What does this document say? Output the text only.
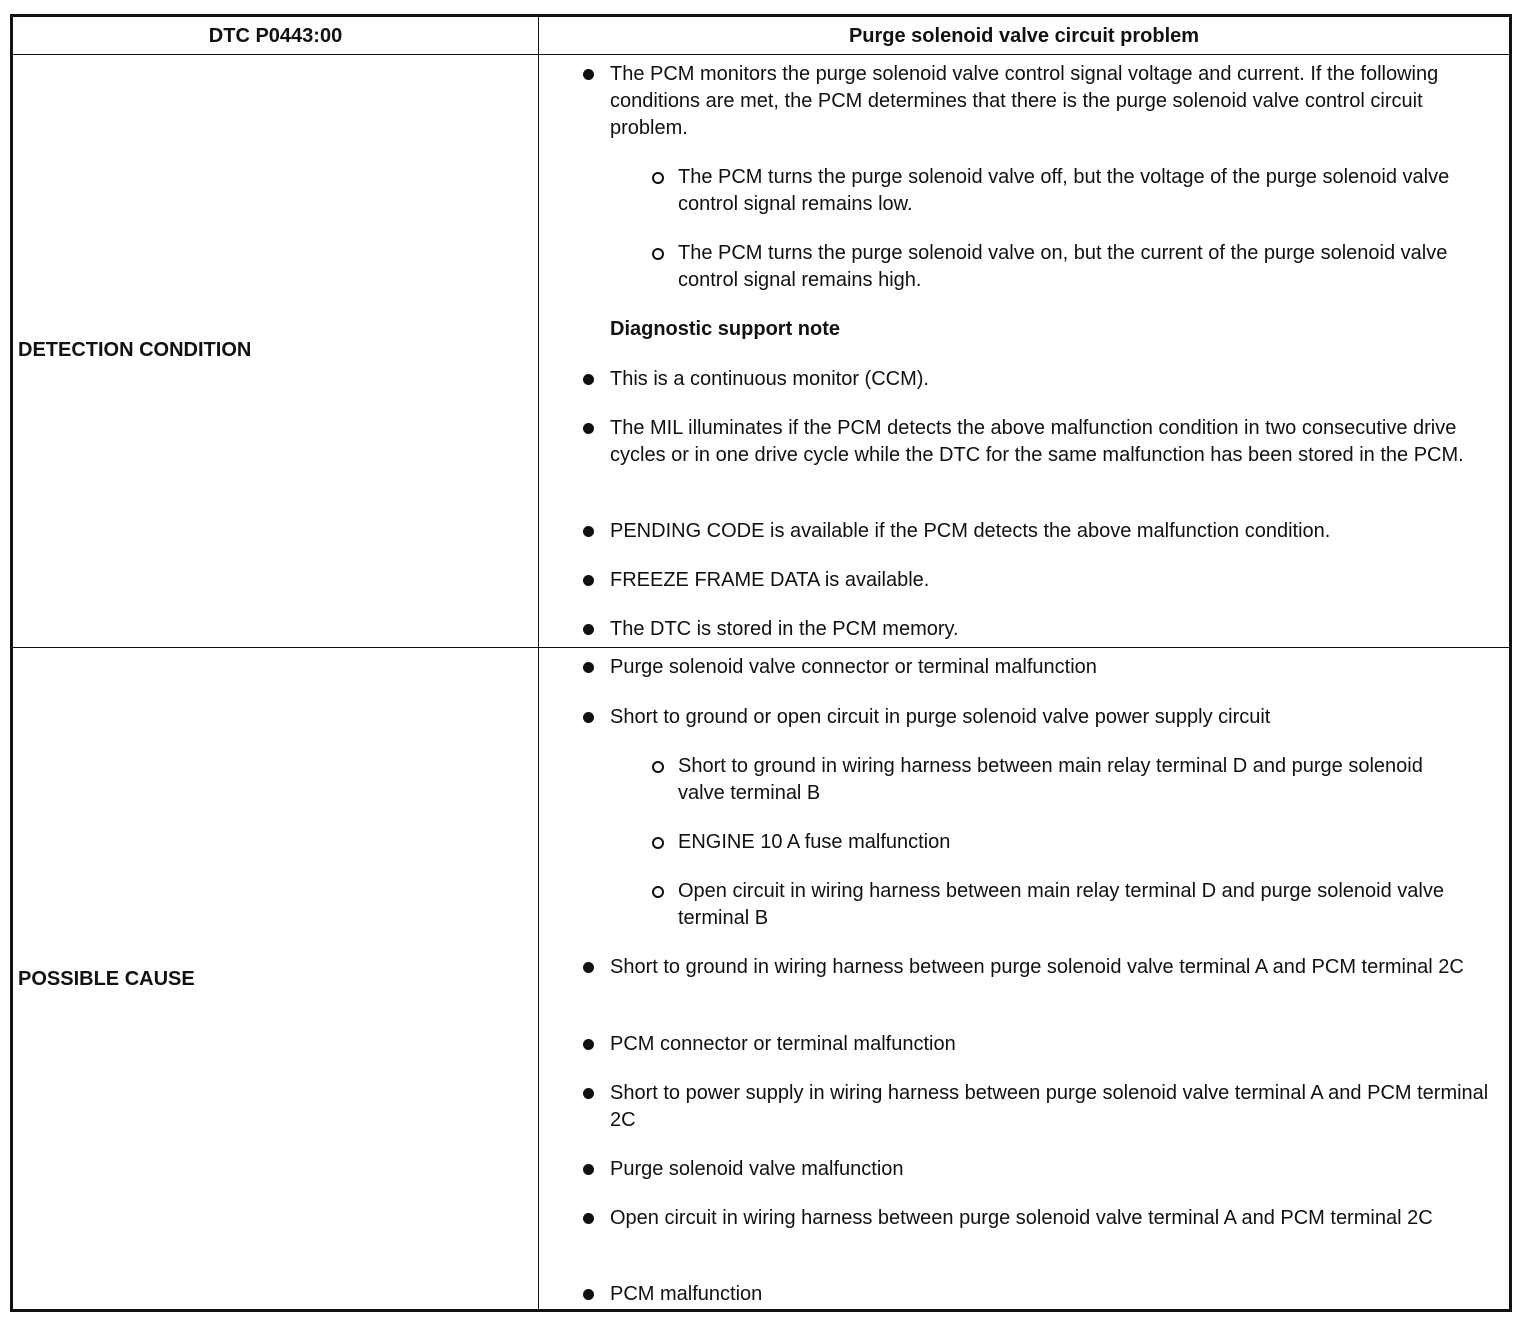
DTC P0443:00	Purge solenoid valve circuit problem
DETECTION CONDITION
POSSIBLE CAUSE
The PCM monitors the purge solenoid valve control signal voltage and current. If the following conditions are met, the PCM determines that there is the purge solenoid valve control circuit problem.
The PCM turns the purge solenoid valve off, but the voltage of the purge solenoid valve control signal remains low.
The PCM turns the purge solenoid valve on, but the current of the purge solenoid valve control signal remains high.
Diagnostic support note
This is a continuous monitor (CCM).
The MIL illuminates if the PCM detects the above malfunction condition in two consecutive drive cycles or in one drive cycle while the DTC for the same malfunction has been stored in the PCM.
PENDING CODE is available if the PCM detects the above malfunction condition.
FREEZE FRAME DATA is available.
The DTC is stored in the PCM memory.
Purge solenoid valve connector or terminal malfunction
Short to ground or open circuit in purge solenoid valve power supply circuit
Short to ground in wiring harness between main relay terminal D and purge solenoid valve terminal B
ENGINE 10 A fuse malfunction
Open circuit in wiring harness between main relay terminal D and purge solenoid valve terminal B
Short to ground in wiring harness between purge solenoid valve terminal A and PCM terminal 2C
PCM connector or terminal malfunction
Short to power supply in wiring harness between purge solenoid valve terminal A and PCM terminal 2C
Purge solenoid valve malfunction
Open circuit in wiring harness between purge solenoid valve terminal A and PCM terminal 2C
PCM malfunction
